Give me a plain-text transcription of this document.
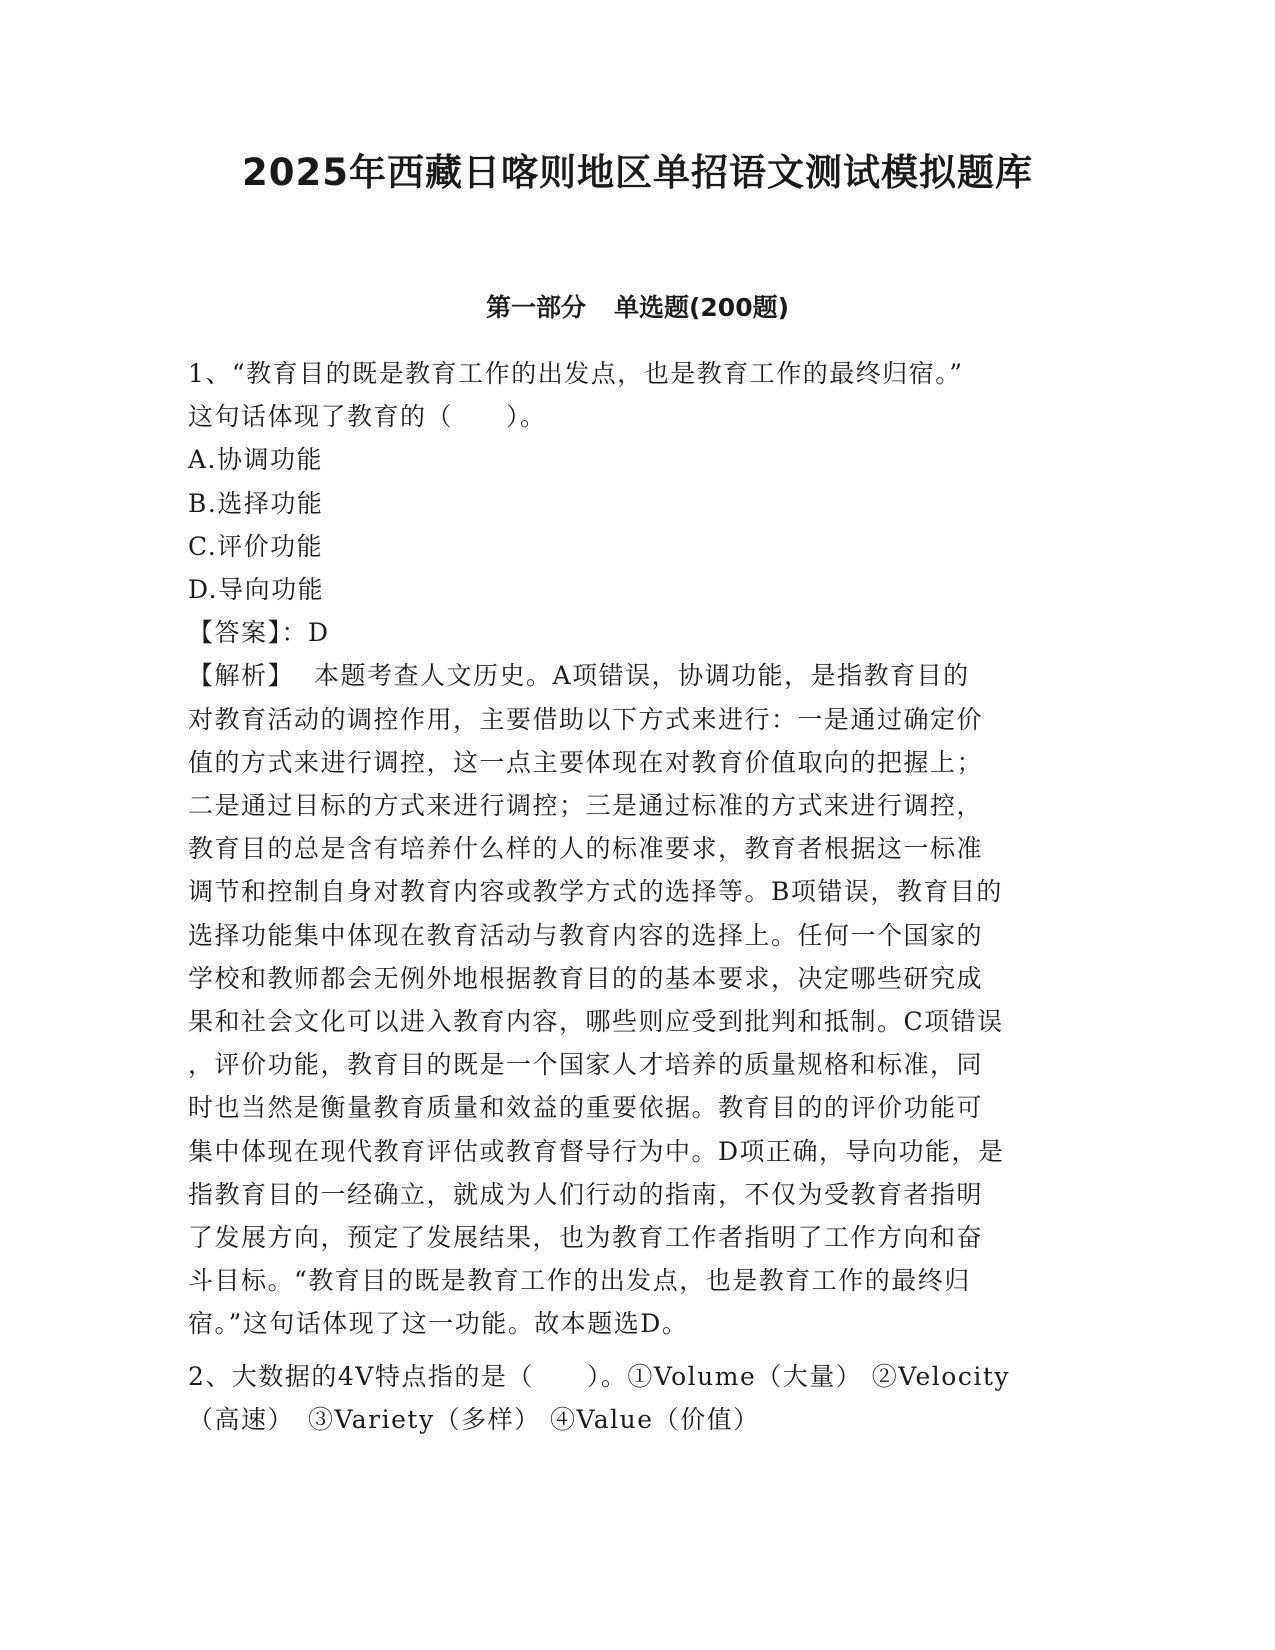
2025年西藏日喀则地区单招语文测试模拟题库
第一部分 单选题(200题)

1、“教育目的既是教育工作的出发点，也是教育工作的最终归宿。”

这句话体现了教育的（　　）。

A.协调功能

B.选择功能

C.评价功能

D.导向功能

【答案】：D

【解析】 本题考查人文历史。A项错误，协调功能，是指教育目的

对教育活动的调控作用，主要借助以下方式来进行：一是通过确定价

值的方式来进行调控，这一点主要体现在对教育价值取向的把握上；

二是通过目标的方式来进行调控；三是通过标准的方式来进行调控，

教育目的总是含有培养什么样的人的标准要求，教育者根据这一标准

调节和控制自身对教育内容或教学方式的选择等。B项错误，教育目的

选择功能集中体现在教育活动与教育内容的选择上。任何一个国家的

学校和教师都会无例外地根据教育目的的基本要求，决定哪些研究成

果和社会文化可以进入教育内容，哪些则应受到批判和抵制。C项错误

，评价功能，教育目的既是一个国家人才培养的质量规格和标准，同

时也当然是衡量教育质量和效益的重要依据。教育目的的评价功能可

集中体现在现代教育评估或教育督导行为中。D项正确，导向功能，是

指教育目的一经确立，就成为人们行动的指南，不仅为受教育者指明

了发展方向，预定了发展结果，也为教育工作者指明了工作方向和奋

斗目标。“教育目的既是教育工作的出发点，也是教育工作的最终归

宿。”这句话体现了这一功能。故本题选D。

2、大数据的4V特点指的是（　　）。①Volume（大量） ②Velocity

（高速）　③Variety（多样） ④Value（价值）
